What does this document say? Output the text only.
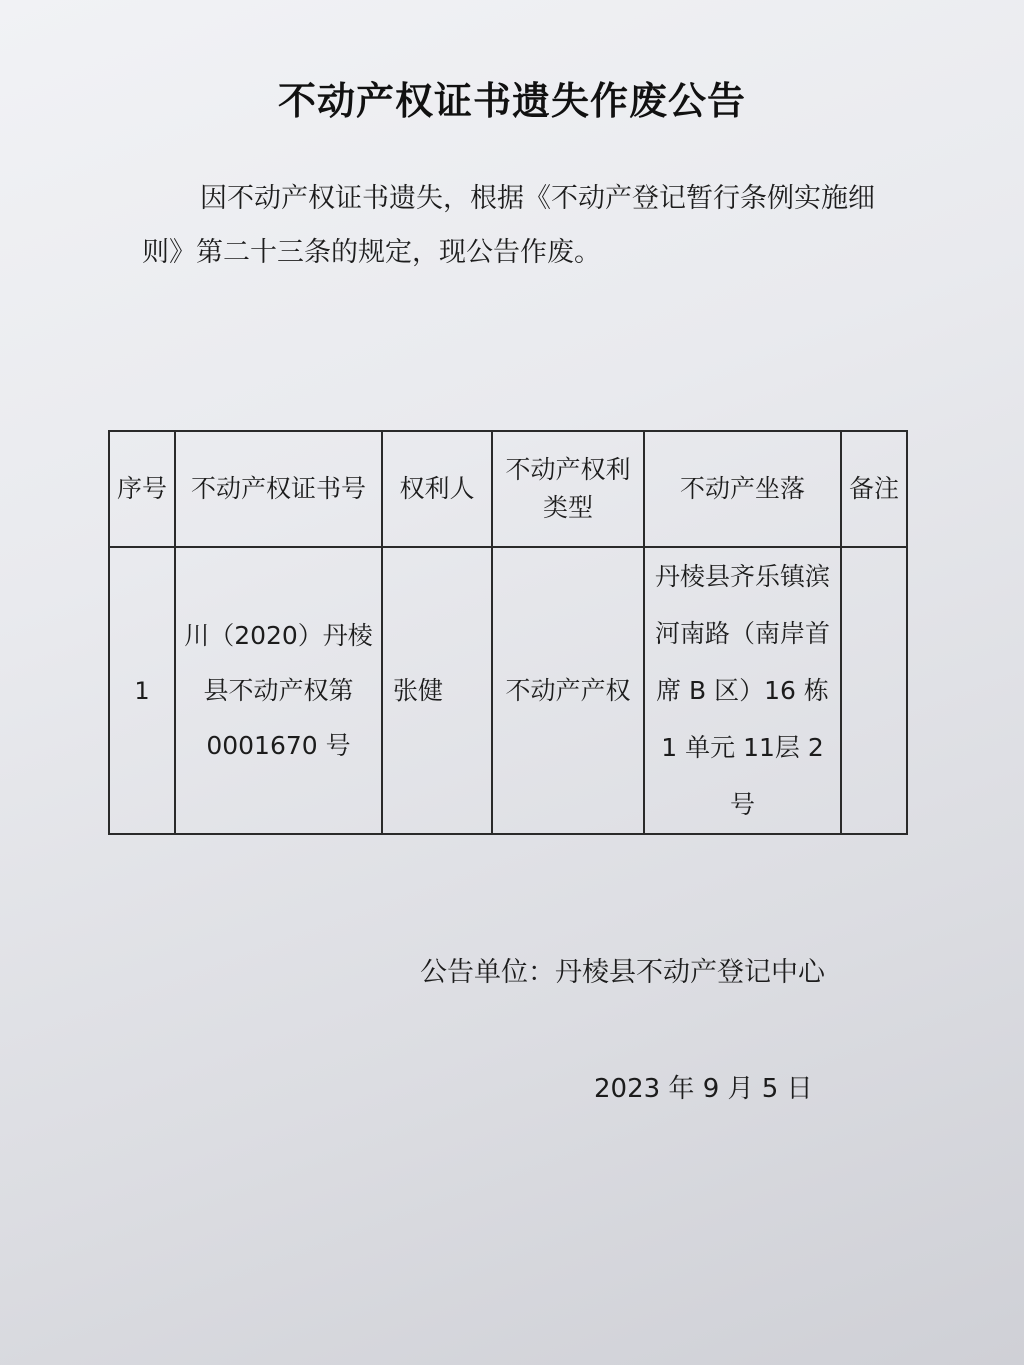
不动产权证书遗失作废公告
因不动产权证书遗失，根据《不动产登记暂行条例实施细则》第二十三条的规定，现公告作废。
序号	不动产权证书号	权利人	不动产权利类型	不动产坐落	备注
1	川（2020）丹棱县不动产权第0001670 号	张健	不动产产权	丹棱县齐乐镇滨河南路（南岸首席 B 区）16 栋 1 单元 11层 2 号	
公告单位：丹棱县不动产登记中心
2023 年 9 月 5 日
